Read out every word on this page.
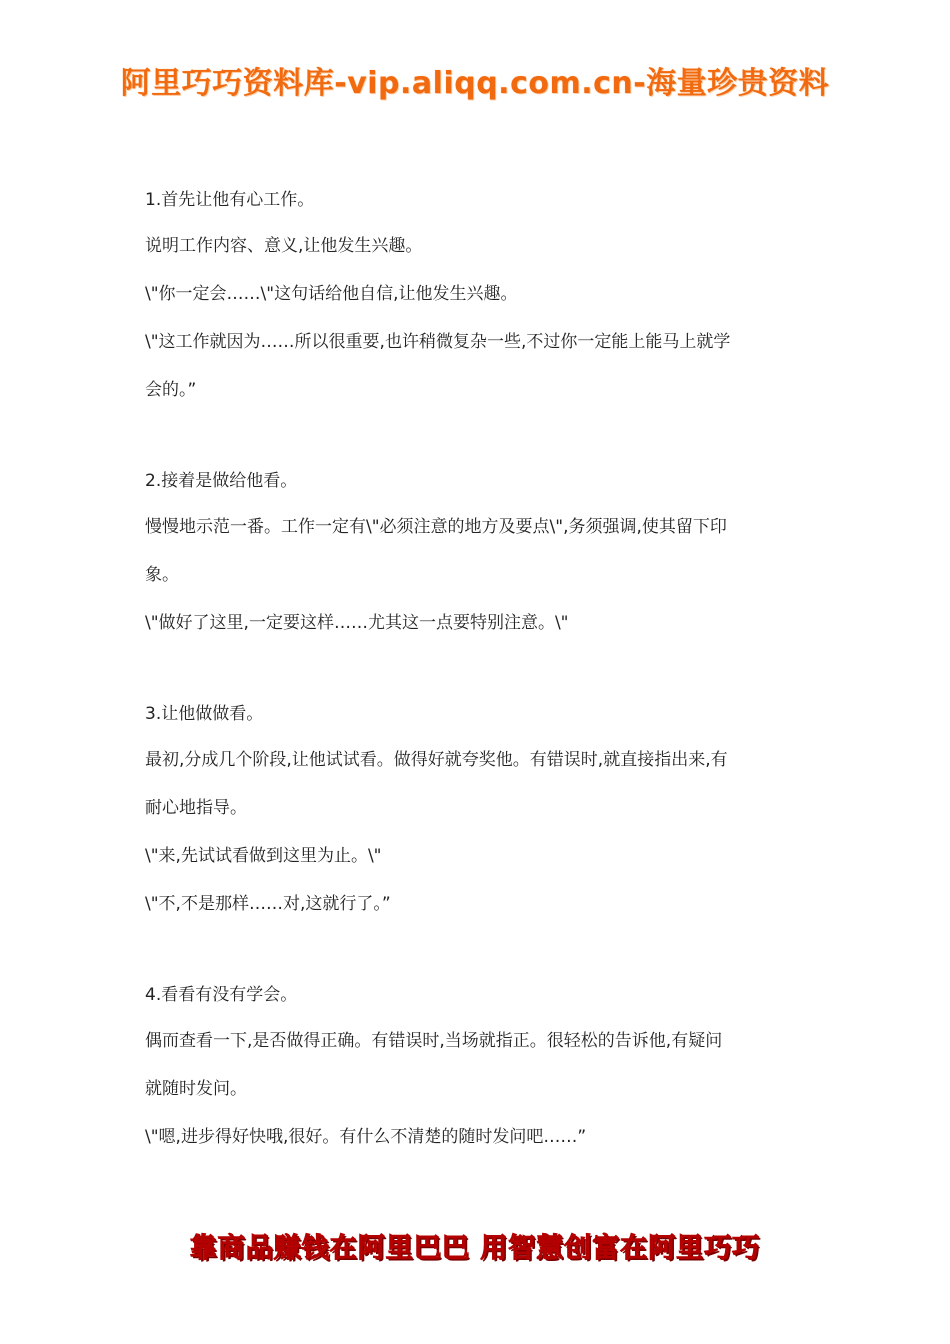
阿里巧巧资料库-vip.aliqq.com.cn-海量珍贵资料

1.首先让他有心工作。

说明工作内容、意义,让他发生兴趣。

\"你一定会……\"这句话给他自信,让他发生兴趣。

\"这工作就因为……所以很重要,也许稍微复杂一些,不过你一定能上能马上就学

会的。”

2.接着是做给他看。

慢慢地示范一番。工作一定有\"必须注意的地方及要点\",务须强调,使其留下印

象。

\"做好了这里,一定要这样……尤其这一点要特别注意。\"

3.让他做做看。

最初,分成几个阶段,让他试试看。做得好就夸奖他。有错误时,就直接指出来,有

耐心地指导。

\"来,先试试看做到这里为止。\"

\"不,不是那样……对,这就行了。”

4.看看有没有学会。

偶而查看一下,是否做得正确。有错误时,当场就指正。很轻松的告诉他,有疑问

就随时发问。

\"嗯,进步得好快哦,很好。有什么不清楚的随时发问吧……”

靠商品赚钱在阿里巴巴 用智慧创富在阿里巧巧
